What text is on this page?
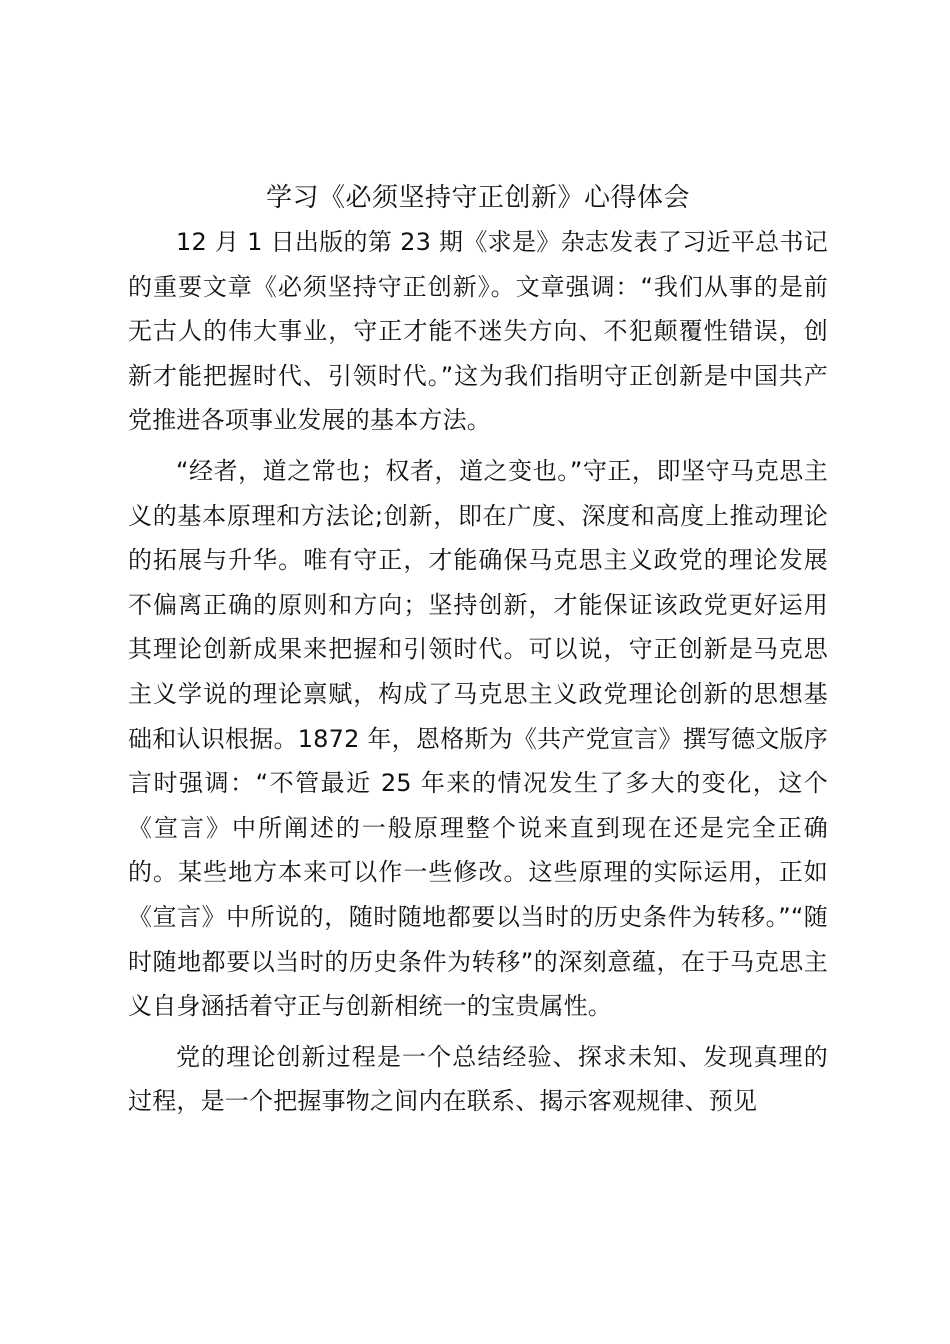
学习《必须坚持守正创新》心得体会

12 月 1 日出版的第 23 期《求是》杂志发表了习近平总书记的重要文章《必须坚持守正创新》。文章强调：“我们从事的是前无古人的伟大事业，守正才能不迷失方向、不犯颠覆性错误，创新才能把握时代、引领时代。”这为我们指明守正创新是中国共产党推进各项事业发展的基本方法。

“经者，道之常也；权者，道之变也。”守正，即坚守马克思主义的基本原理和方法论;创新，即在广度、深度和高度上推动理论的拓展与升华。唯有守正，才能确保马克思主义政党的理论发展不偏离正确的原则和方向；坚持创新，才能保证该政党更好运用其理论创新成果来把握和引领时代。可以说，守正创新是马克思主义学说的理论禀赋，构成了马克思主义政党理论创新的思想基础和认识根据。1872 年，恩格斯为《共产党宣言》撰写德文版序言时强调：“不管最近 25 年来的情况发生了多大的变化，这个《宣言》中所阐述的一般原理整个说来直到现在还是完全正确的。某些地方本来可以作一些修改。这些原理的实际运用，正如《宣言》中所说的，随时随地都要以当时的历史条件为转移。”“随时随地都要以当时的历史条件为转移”的深刻意蕴，在于马克思主义自身涵括着守正与创新相统一的宝贵属性。

党的理论创新过程是一个总结经验、探求未知、发现真理的过程，是一个把握事物之间内在联系、揭示客观规律、预见
